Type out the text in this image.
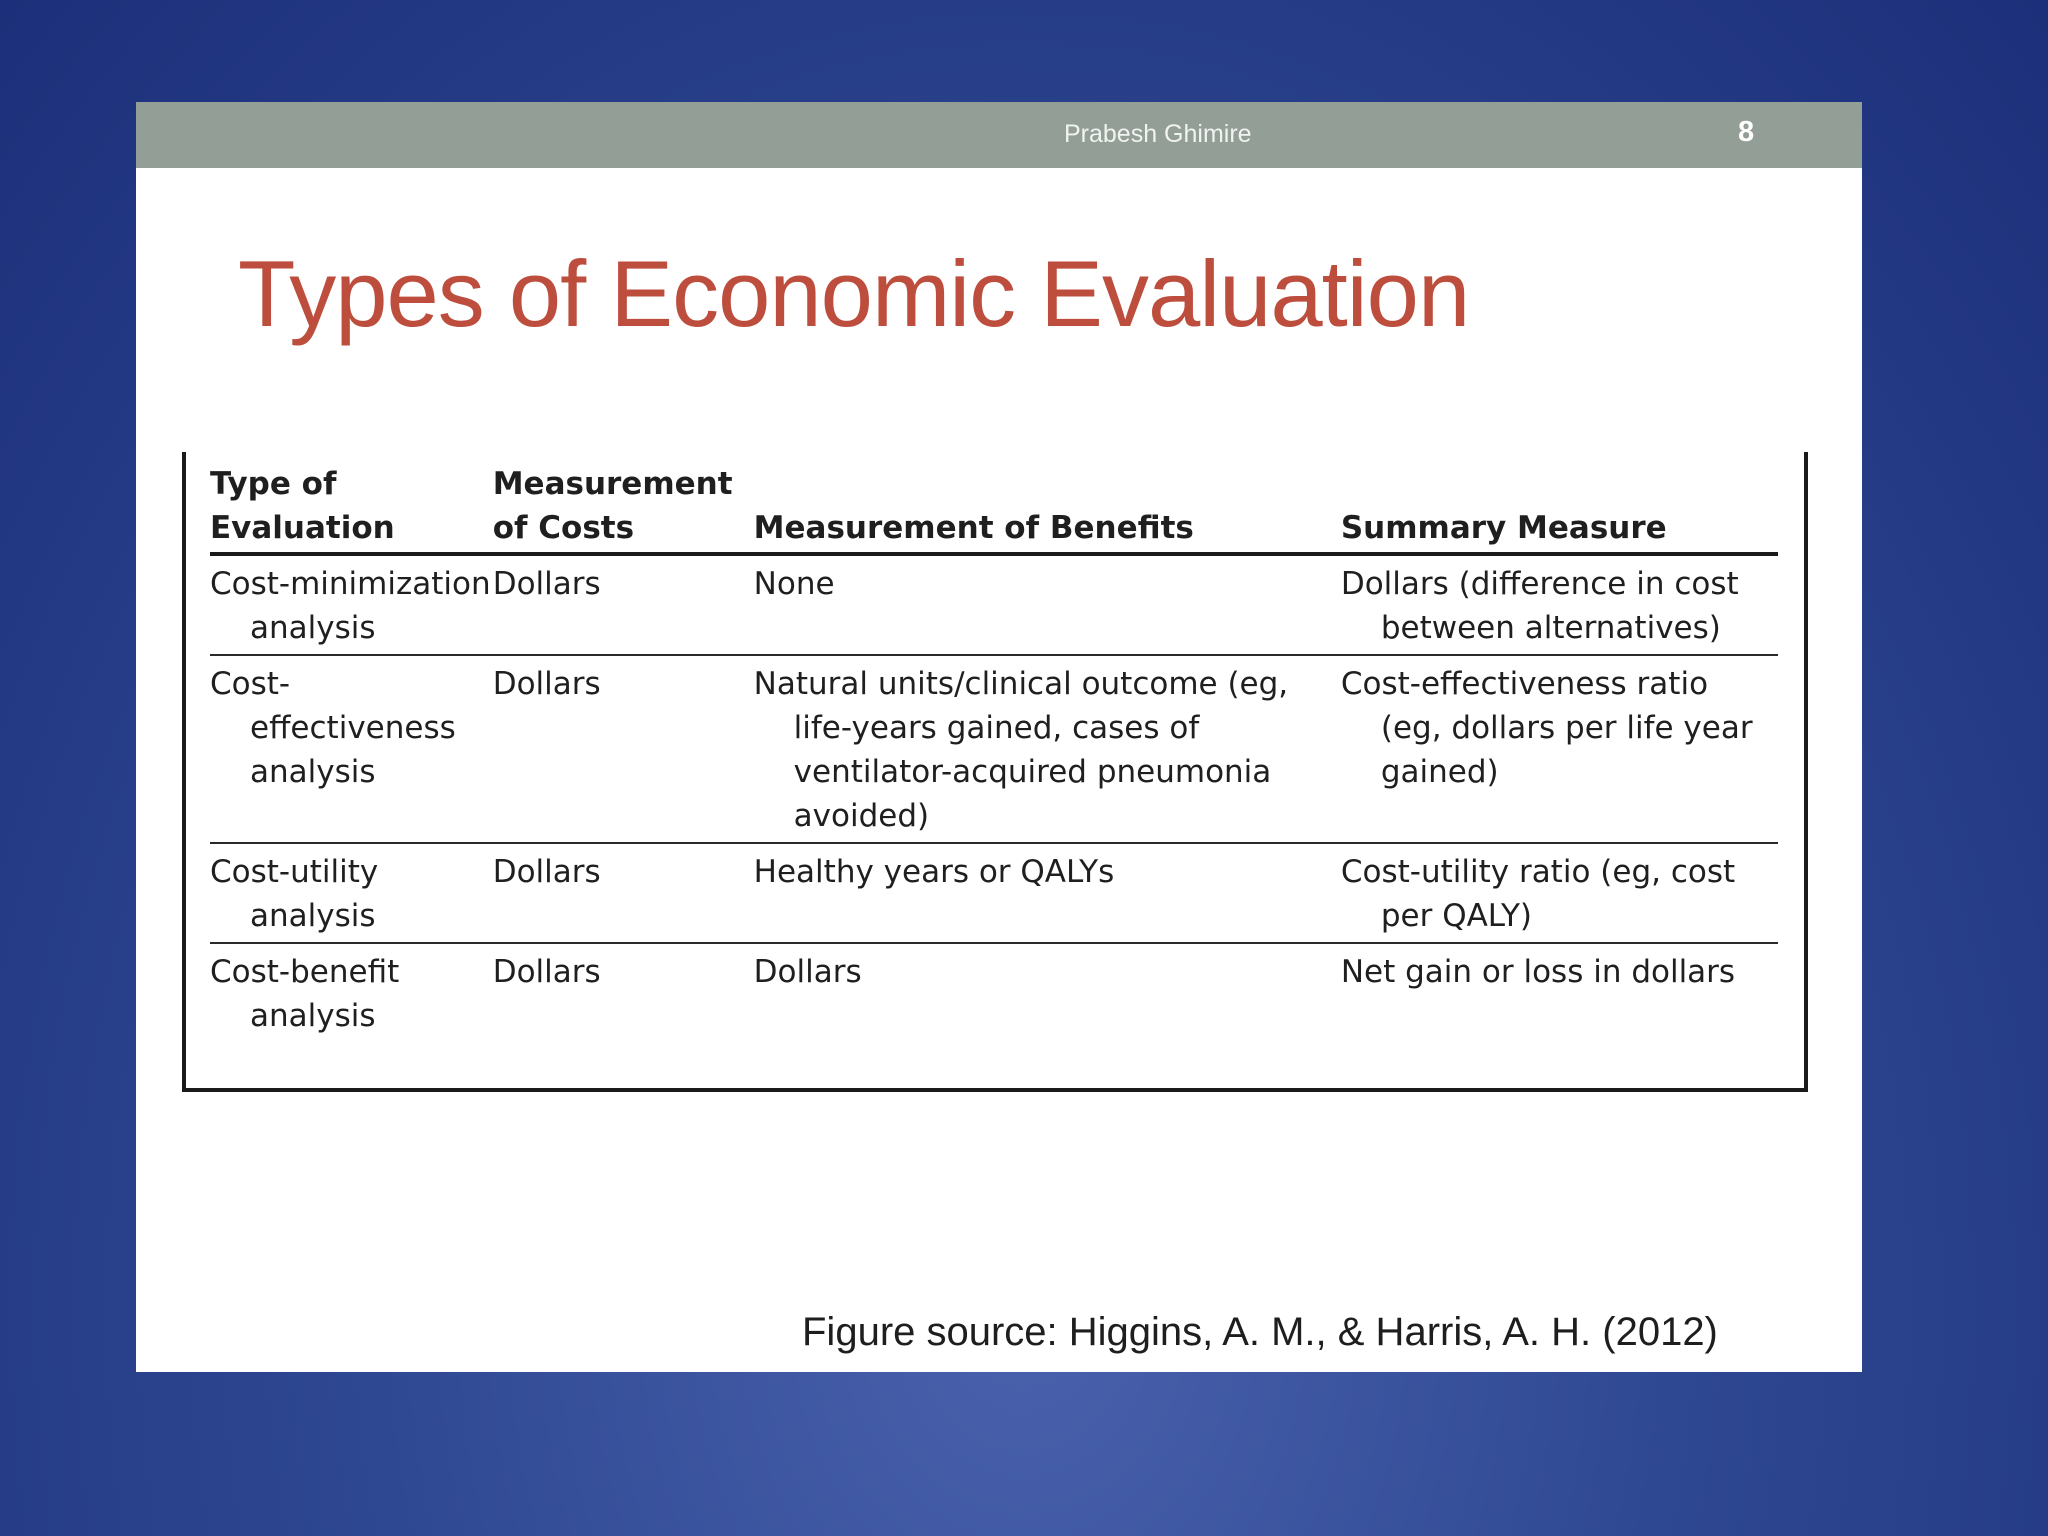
Prabesh Ghimire	8
Types of Economic Evaluation
Type of Evaluation	Measurement of Costs	Measurement of Benefits	Summary Measure

Cost-minimization analysis	Dollars	None	Dollars (difference in cost between alternatives)

Cost-effectiveness analysis	Dollars	Natural units/clinical outcome (eg, life-years gained, cases of ventilator-acquired pneumonia avoided)	Cost-effectiveness ratio (eg, dollars per life year gained)

Cost-utility analysis	Dollars	Healthy years or QALYs	Cost-utility ratio (eg, cost per QALY)

Cost-benefit analysis	Dollars	Dollars	Net gain or loss in dollars
Figure source: Higgins, A. M., & Harris, A. H. (2012)
